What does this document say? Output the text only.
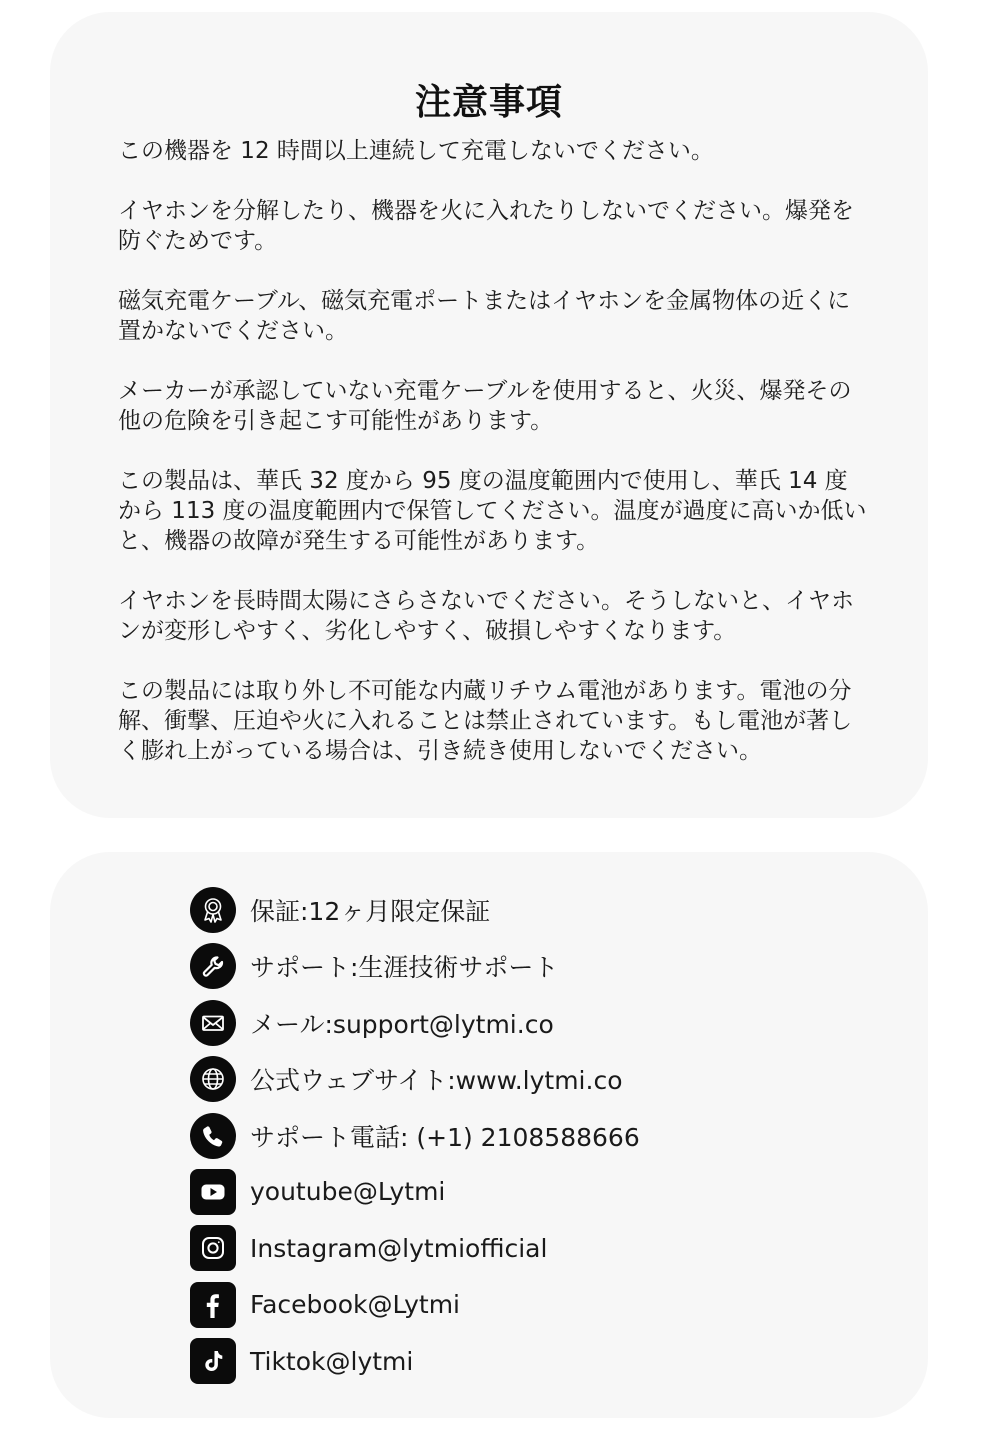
注意事項

この機器を 12 時間以上連続して充電しないでください。

イヤホンを分解したり、機器を火に入れたりしないでください。爆発を防ぐためです。

磁気充電ケーブル、磁気充電ポートまたはイヤホンを金属物体の近くに置かないでください。

メーカーが承認していない充電ケーブルを使用すると、火災、爆発その他の危険を引き起こす可能性があります。

この製品は、華氏 32 度から 95 度の温度範囲内で使用し、華氏 14 度から 113 度の温度範囲内で保管してください。温度が過度に高いか低いと、機器の故障が発生する可能性があります。

イヤホンを長時間太陽にさらさないでください。そうしないと、イヤホンが変形しやすく、劣化しやすく、破損しやすくなります。

この製品には取り外し不可能な内蔵リチウム電池があります。電池の分解、衝撃、圧迫や火に入れることは禁止されています。もし電池が著しく膨れ上がっている場合は、引き続き使用しないでください。

保証:12ヶ月限定保証
サポート:生涯技術サポート
メール:support@lytmi.co
公式ウェブサイト:www.lytmi.co
サポート電話: (+1) 2108588666
youtube@Lytmi
Instagram@lytmiofficial
Facebook@Lytmi
Tiktok@lytmi
